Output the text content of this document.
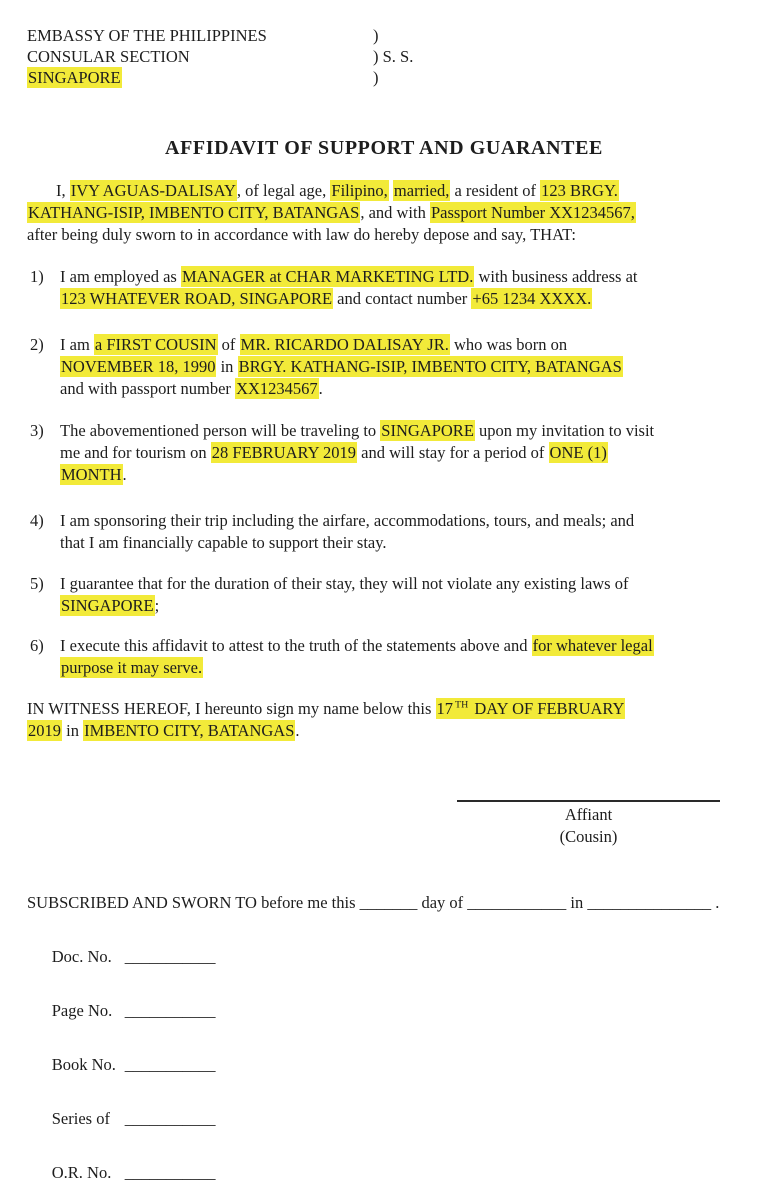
EMBASSY OF THE PHILIPPINES	)
CONSULAR SECTION	) S. S.
SINGAPORE	)
AFFIDAVIT OF SUPPORT AND GUARANTEE

I, IVY AGUAS-DALISAY, of legal age, Filipino, married, a resident of 123 BRGY.
KATHANG-ISIP, IMBENTO CITY, BATANGAS, and with Passport Number XX1234567,
after being duly sworn to in accordance with law do hereby depose and say, THAT:

1) I am employed as MANAGER at CHAR MARKETING LTD. with business address at
123 WHATEVER ROAD, SINGAPORE and contact number +65 1234 XXXX.
2) I am a FIRST COUSIN of MR. RICARDO DALISAY JR. who was born on
NOVEMBER 18, 1990 in BRGY. KATHANG-ISIP, IMBENTO CITY, BATANGAS
and with passport number XX1234567.
3) The abovementioned person will be traveling to SINGAPORE upon my invitation to visit
me and for tourism on 28 FEBRUARY 2019 and will stay for a period of ONE (1)
MONTH.
4) I am sponsoring their trip including the airfare, accommodations, tours, and meals; and
that I am financially capable to support their stay.
5) I guarantee that for the duration of their stay, they will not violate any existing laws of
SINGAPORE;
6) I execute this affidavit to attest to the truth of the statements above and for whatever legal
purpose it may serve.

IN WITNESS HEREOF, I hereunto sign my name below this 17 $^{TH}$ DAY OF FEBRUARY
2019 in IMBENTO CITY, BATANGAS.

Affiant
(Cousin)

SUBSCRIBED AND SWORN TO before me this _______ day of ____________ in _______________ .

Doc. No. ___________

Page No. ___________

Book No. ___________

Series of ___________

O.R. No. ___________
